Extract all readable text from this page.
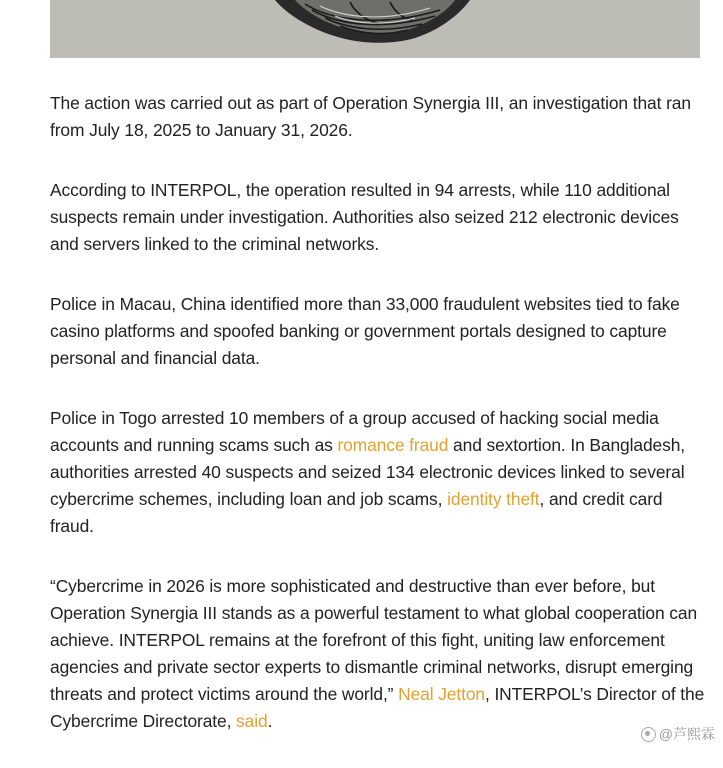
The action was carried out as part of Operation Synergia III, an investigation that ran from July 18, 2025 to January 31, 2026.

According to INTERPOL, the operation resulted in 94 arrests, while 110 additional suspects remain under investigation. Authorities also seized 212 electronic devices and servers linked to the criminal networks.

Police in Macau, China identified more than 33,000 fraudulent websites tied to fake casino platforms and spoofed banking or government portals designed to capture personal and financial data.

Police in Togo arrested 10 members of a group accused of hacking social media accounts and running scams such as romance fraud and sextortion. In Bangladesh, authorities arrested 40 suspects and seized 134 electronic devices linked to several cybercrime schemes, including loan and job scams, identity theft, and credit card fraud.

“Cybercrime in 2026 is more sophisticated and destructive than ever before, but Operation Synergia III stands as a powerful testament to what global cooperation can achieve. INTERPOL remains at the forefront of this fight, uniting law enforcement agencies and private sector experts to dismantle criminal networks, disrupt emerging threats and protect victims around the world,” Neal Jetton, INTERPOL’s Director of the Cybercrime Directorate, said.

@芦熙霖
